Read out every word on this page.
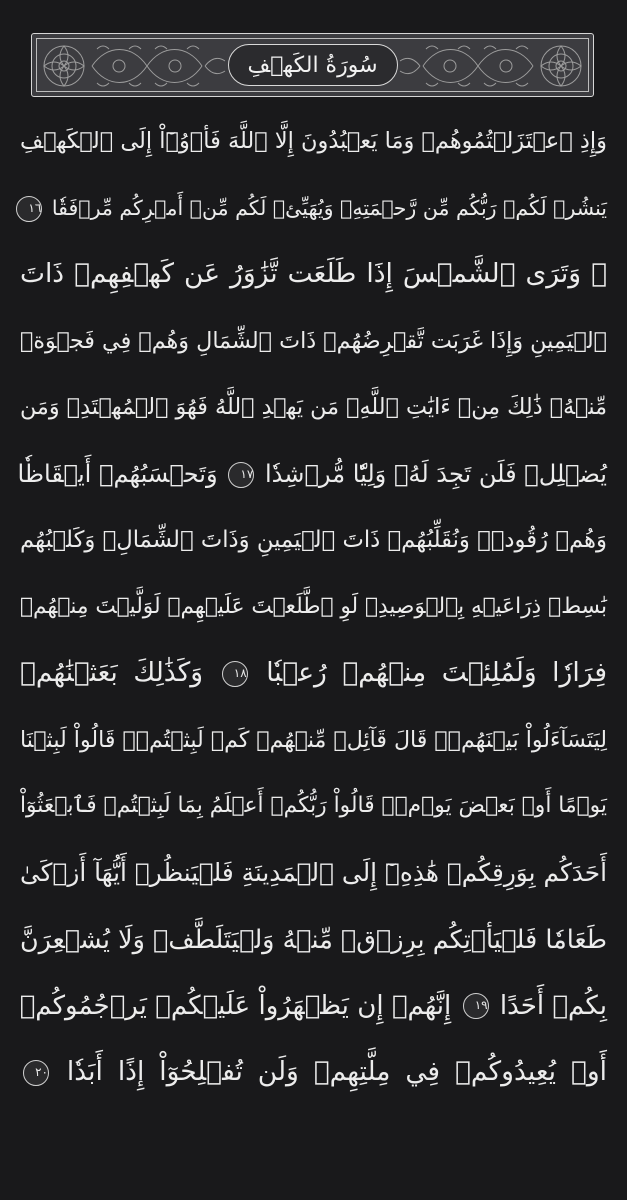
سُورَةُ الكَهۡفِ
وَإِذِ ٱعۡتَزَلۡتُمُوهُمۡ وَمَا يَعۡبُدُونَ إِلَّا ٱللَّهَ فَأۡوُۥٓاْ إِلَى ٱلۡكَهۡفِ
يَنشُرۡ لَكُمۡ رَبُّكُم مِّن رَّحۡمَتِهِۦ وَيُهَيِّئۡ لَكُم مِّنۡ أَمۡرِكُم مِّرۡفَقٗا ١٦
۞ وَتَرَى ٱلشَّمۡسَ إِذَا طَلَعَت تَّزَٰوَرُ عَن كَهۡفِهِمۡ ذَاتَ
ٱلۡيَمِينِ وَإِذَا غَرَبَت تَّقۡرِضُهُمۡ ذَاتَ ٱلشِّمَالِ وَهُمۡ فِي فَجۡوَةٖ
مِّنۡهُۚ ذَٰلِكَ مِنۡ ءَايَٰتِ ٱللَّهِۗ مَن يَهۡدِ ٱللَّهُ فَهُوَ ٱلۡمُهۡتَدِۖ وَمَن
يُضۡلِلۡ فَلَن تَجِدَ لَهُۥ وَلِيّٗا مُّرۡشِدٗا ١٧ وَتَحۡسَبُهُمۡ أَيۡقَاظٗا
وَهُمۡ رُقُودٞۚ وَنُقَلِّبُهُمۡ ذَاتَ ٱلۡيَمِينِ وَذَاتَ ٱلشِّمَالِۖ وَكَلۡبُهُم
بَٰسِطٞ ذِرَاعَيۡهِ بِٱلۡوَصِيدِۚ لَوِ ٱطَّلَعۡتَ عَلَيۡهِمۡ لَوَلَّيۡتَ مِنۡهُمۡ
فِرَارٗا وَلَمُلِئۡتَ مِنۡهُمۡ رُعۡبٗا ١٨ وَكَذَٰلِكَ بَعَثۡنَٰهُمۡ
لِيَتَسَآءَلُواْ بَيۡنَهُمۡۚ قَالَ قَآئِلٞ مِّنۡهُمۡ كَمۡ لَبِثۡتُمۡۖ قَالُواْ لَبِثۡنَا
يَوۡمًا أَوۡ بَعۡضَ يَوۡمٖۚ قَالُواْ رَبُّكُمۡ أَعۡلَمُ بِمَا لَبِثۡتُمۡ فَٱبۡعَثُوٓاْ
أَحَدَكُم بِوَرِقِكُمۡ هَٰذِهِۦٓ إِلَى ٱلۡمَدِينَةِ فَلۡيَنظُرۡ أَيُّهَآ أَزۡكَىٰ
طَعَامٗا فَلۡيَأۡتِكُم بِرِزۡقٖ مِّنۡهُ وَلۡيَتَلَطَّفۡ وَلَا يُشۡعِرَنَّ
بِكُمۡ أَحَدًا ١٩ إِنَّهُمۡ إِن يَظۡهَرُواْ عَلَيۡكُمۡ يَرۡجُمُوكُمۡ
أَوۡ يُعِيدُوكُمۡ فِي مِلَّتِهِمۡ وَلَن تُفۡلِحُوٓاْ إِذًا أَبَدٗا ٢٠
